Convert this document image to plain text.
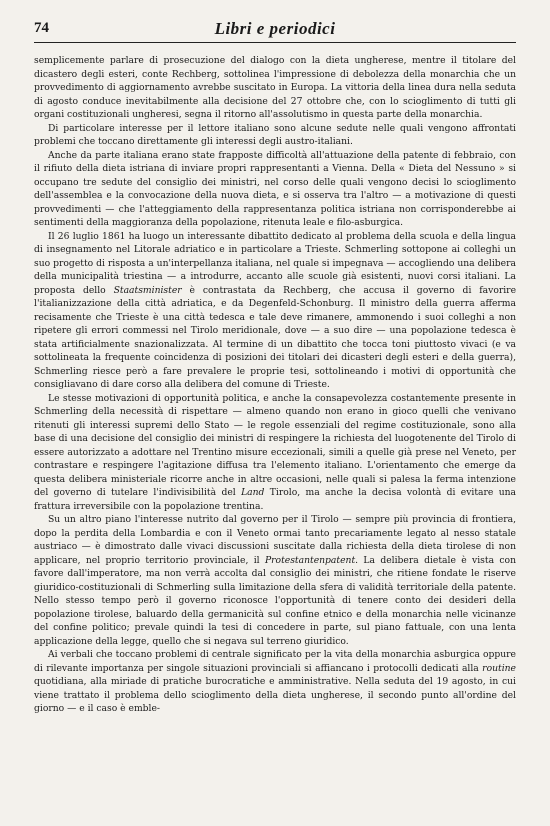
74	Libri e periodici

semplicemente parlare di prosecuzione del dialogo con la dieta ungherese, mentre il titolare del dicastero degli esteri, conte Rechberg, sottolinea l'impressione di debolezza della monarchia che un provvedimento di aggiornamento avrebbe suscitato in Europa. La vittoria della linea dura nella seduta di agosto conduce inevitabilmente alla decisione del 27 ottobre che, con lo scioglimento di tutti gli organi costituzionali ungheresi, segna il ritorno all'assolutismo in questa parte della monarchia.

Di particolare interesse per il lettore italiano sono alcune sedute nelle quali vengono affrontati problemi che toccano direttamente gli interessi degli austro-italiani.

Anche da parte italiana erano state frapposte difficoltà all'attuazione della patente di febbraio, con il rifiuto della dieta istriana di inviare propri rappresentanti a Vienna. Della « Dieta del Nessuno » si occupano tre sedute del consiglio dei ministri, nel corso delle quali vengono decisi lo scioglimento dell'assemblea e la convocazione della nuova dieta, e si osserva tra l'altro — a motivazione di questi provvedimenti — che l'atteggiamento della rappresentanza politica istriana non corrisponderebbe ai sentimenti della maggioranza della popolazione, ritenuta leale e filo-asburgica.

Il 26 luglio 1861 ha luogo un interessante dibattito dedicato al problema della scuola e della lingua di insegnamento nel Litorale adriatico e in particolare a Trieste. Schmerling sottopone ai colleghi un suo progetto di risposta a un'interpellanza italiana, nel quale si impegnava — accogliendo una delibera della municipalità triestina — a introdurre, accanto alle scuole già esistenti, nuovi corsi italiani. La proposta dello Staatsminister è contrastata da Rechberg, che accusa il governo di favorire l'italianizzazione della città adriatica, e da Degenfeld-Schonburg. Il ministro della guerra afferma recisamente che Trieste è una città tedesca e tale deve rimanere, ammonendo i suoi colleghi a non ripetere gli errori commessi nel Tirolo meridionale, dove — a suo dire — una popolazione tedesca è stata artificialmente snazionalizzata. Al termine di un dibattito che tocca toni piuttosto vivaci (e va sottolineata la frequente coincidenza di posizioni dei titolari dei dicasteri degli esteri e della guerra), Schmerling riesce però a fare prevalere le proprie tesi, sottolineando i motivi di opportunità che consigliavano di dare corso alla delibera del comune di Trieste.

Le stesse motivazioni di opportunità politica, e anche la consapevolezza costantemente presente in Schmerling della necessità di rispettare — almeno quando non erano in gioco quelli che venivano ritenuti gli interessi supremi dello Stato — le regole essenziali del regime costituzionale, sono alla base di una decisione del consiglio dei ministri di respingere la richiesta del luogotenente del Tirolo di essere autorizzato a adottare nel Trentino misure eccezionali, simili a quelle già prese nel Veneto, per contrastare e respingere l'agitazione diffusa tra l'elemento italiano. L'orientamento che emerge da questa delibera ministeriale ricorre anche in altre occasioni, nelle quali si palesa la ferma intenzione del governo di tutelare l'indivisibilità del Land Tirolo, ma anche la decisa volontà di evitare una frattura irreversibile con la popolazione trentina.

Su un altro piano l'interesse nutrito dal governo per il Tirolo — sempre più provincia di frontiera, dopo la perdita della Lombardia e con il Veneto ormai tanto precariamente legato al nesso statale austriaco — è dimostrato dalle vivaci discussioni suscitate dalla richiesta della dieta tirolese di non applicare, nel proprio territorio provinciale, il Protestantenpatent. La delibera dietale è vista con favore dall'imperatore, ma non verrà accolta dal consiglio dei ministri, che ritiene fondate le riserve giuridico-costituzionali di Schmerling sulla limitazione della sfera di validità territoriale della patente. Nello stesso tempo però il governo riconosce l'opportunità di tenere conto dei desideri della popolazione tirolese, baluardo della germanicità sul confine etnico e della monarchia nelle vicinanze del confine politico; prevale quindi la tesi di concedere in parte, sul piano fattuale, con una lenta applicazione della legge, quello che si negava sul terreno giuridico.

Ai verbali che toccano problemi di centrale significato per la vita della monarchia asburgica oppure di rilevante importanza per singole situazioni provinciali si affiancano i protocolli dedicati alla routine quotidiana, alla miriade di pratiche burocratiche e amministrative. Nella seduta del 19 agosto, in cui viene trattato il problema dello scioglimento della dieta ungherese, il secondo punto all'ordine del giorno — e il caso è emble-
